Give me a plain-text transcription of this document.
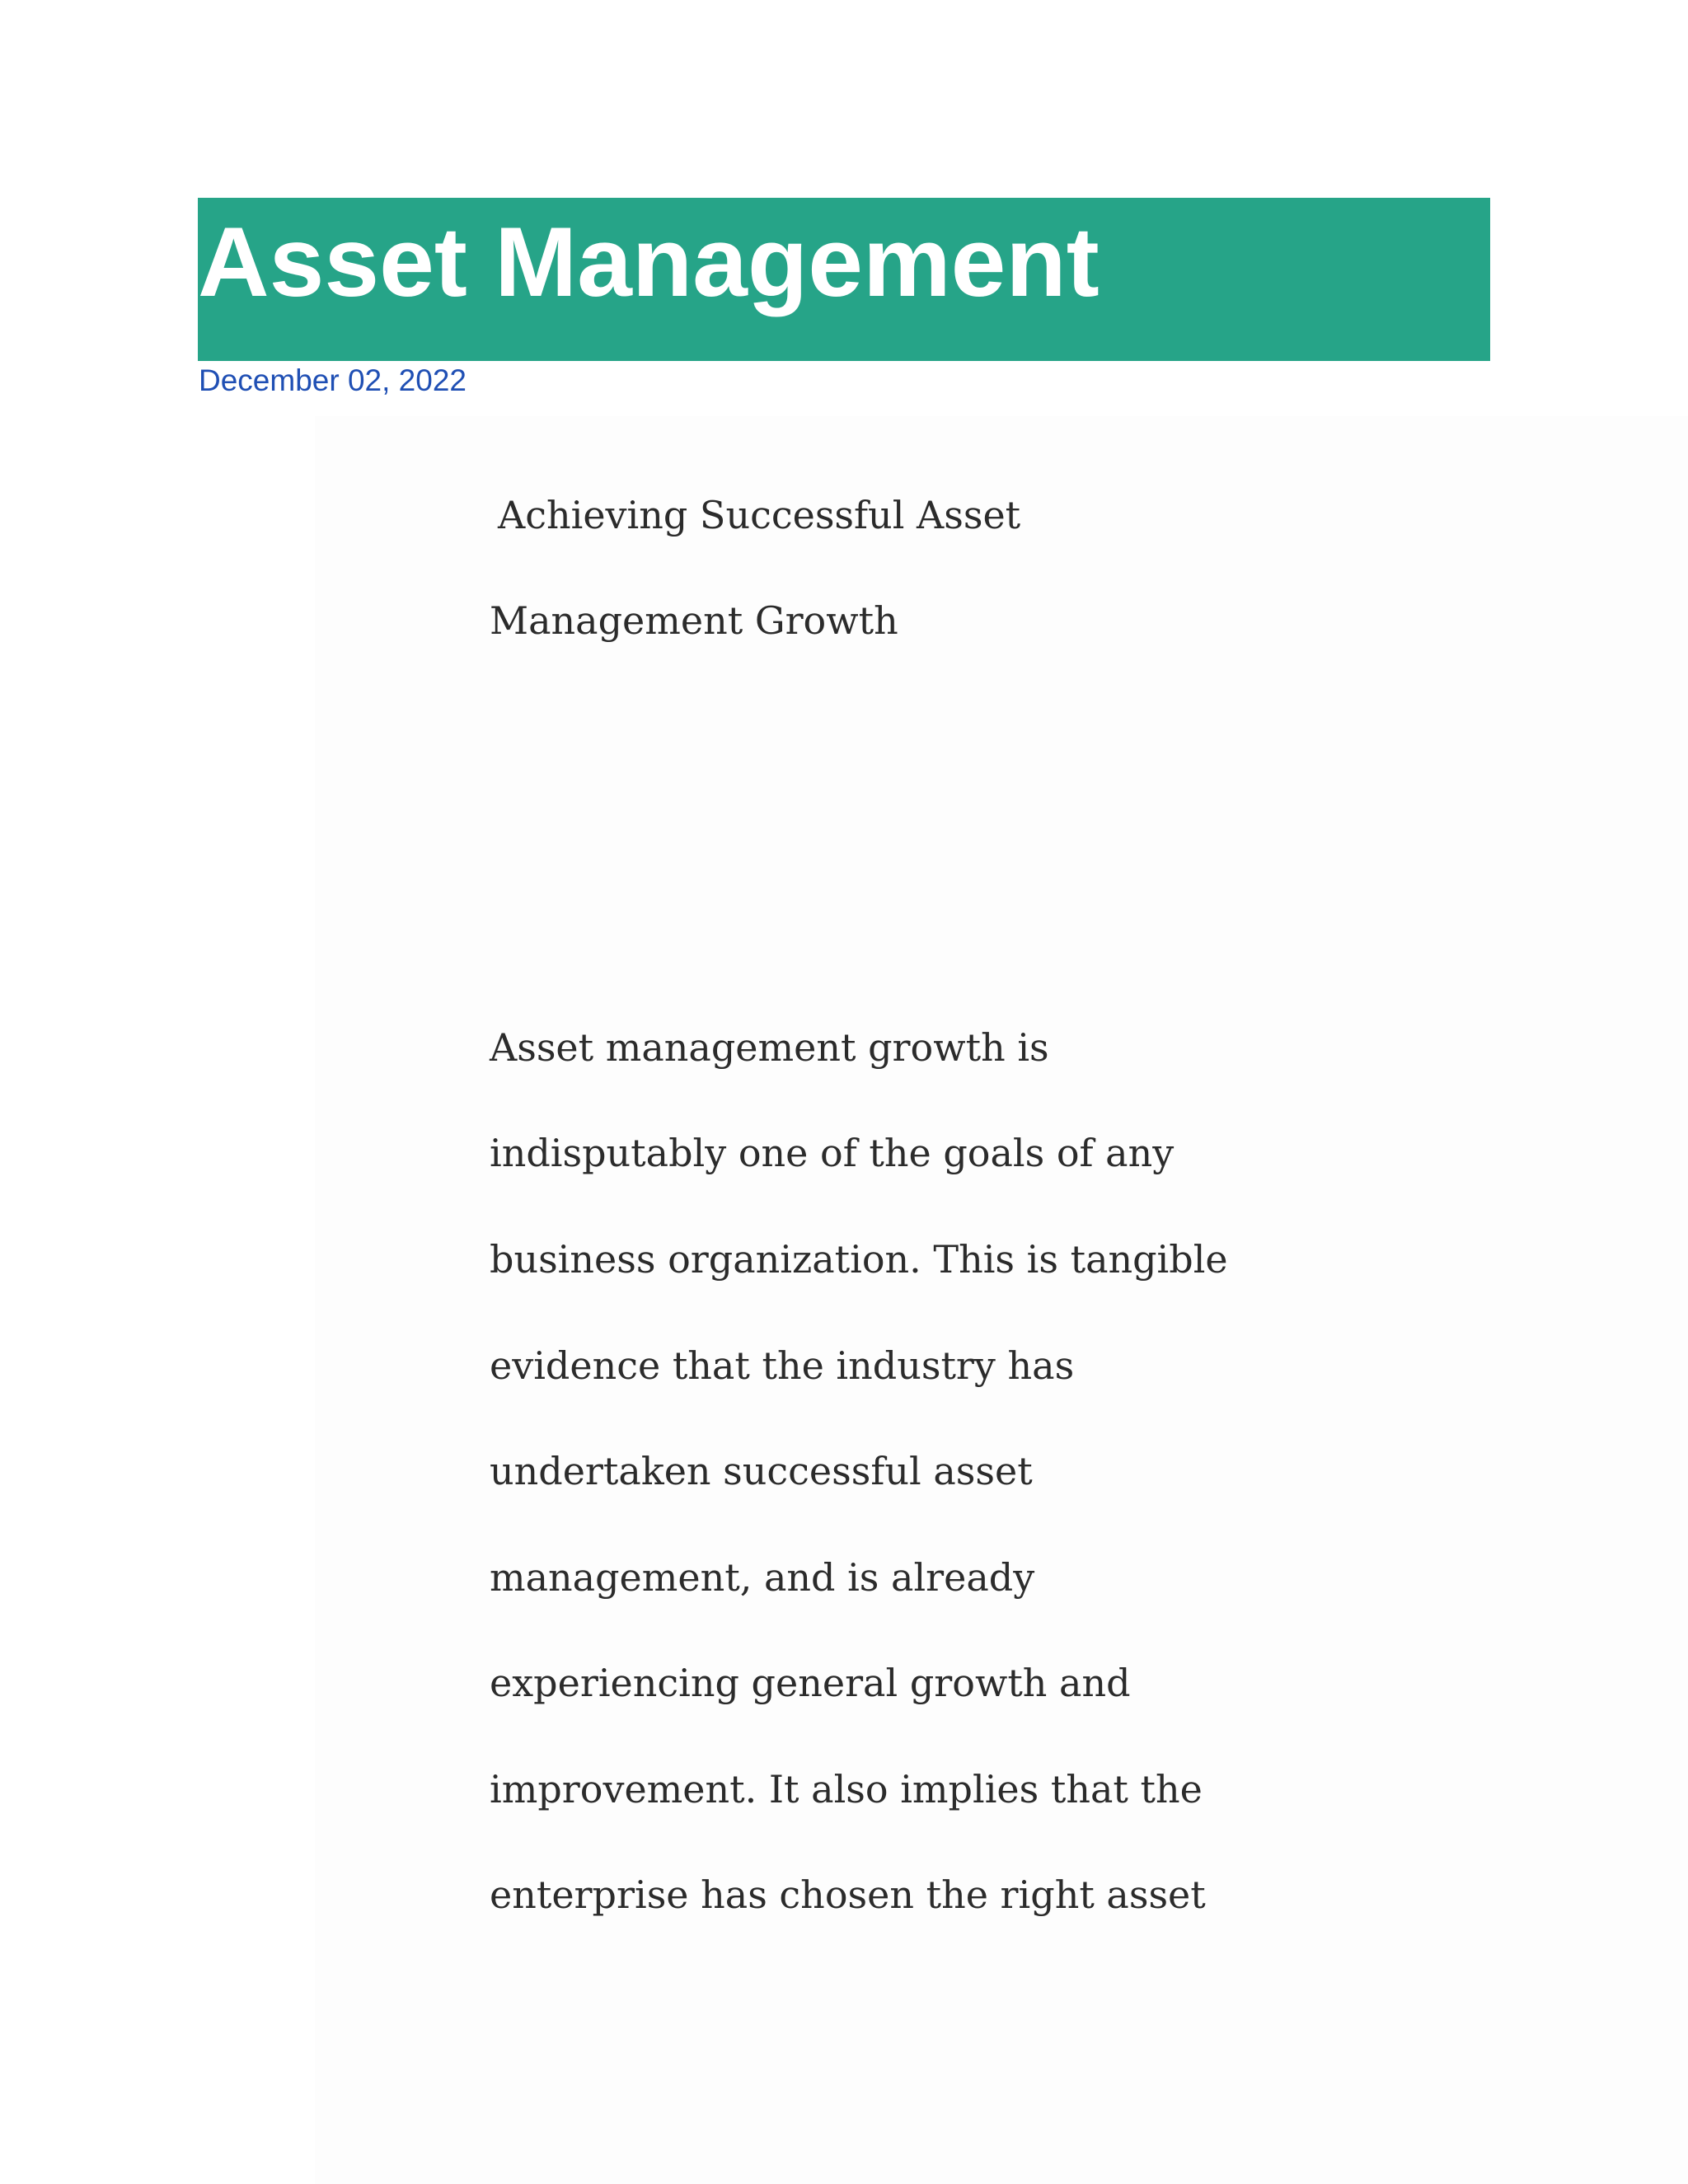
Asset Management
December 02, 2022
Achieving Successful Asset
Management Growth
Asset management growth is
indisputably one of the goals of any
business organization. This is tangible
evidence that the industry has
undertaken successful asset
management, and is already
experiencing general growth and
improvement. It also implies that the
enterprise has chosen the right asset
